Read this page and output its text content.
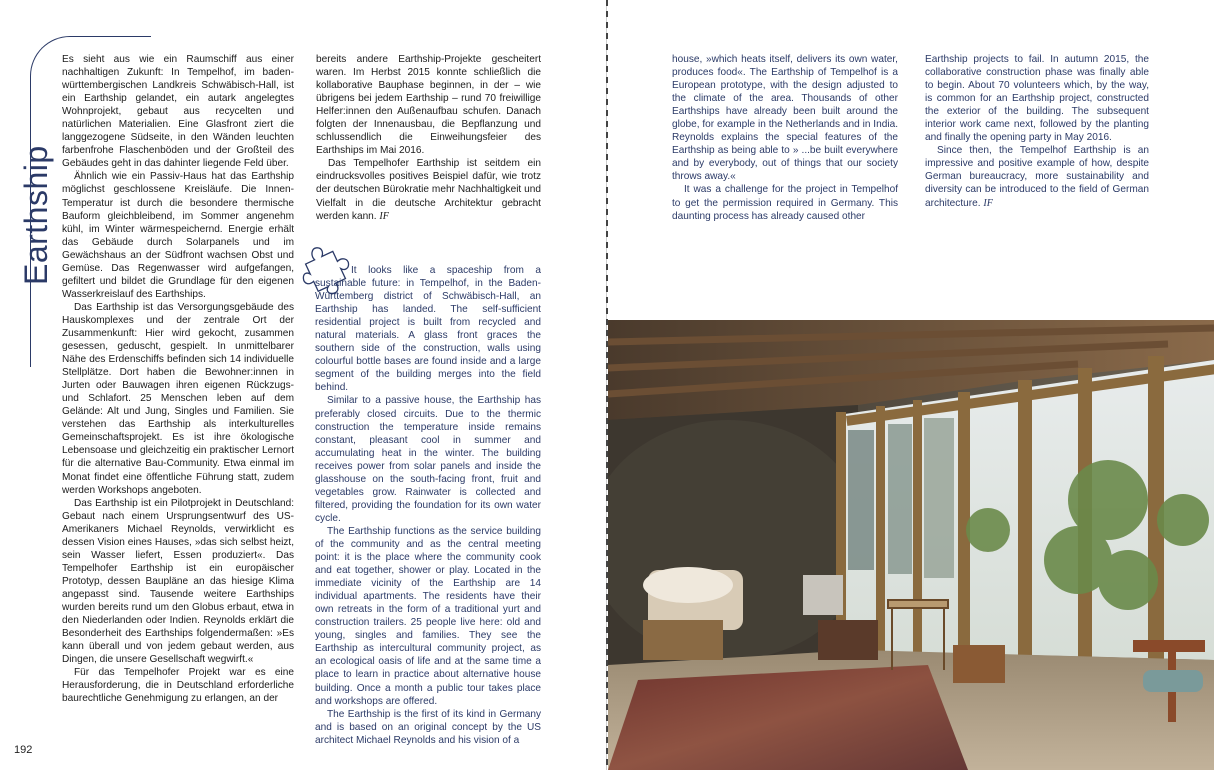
Earthship

Es sieht aus wie ein Raumschiff aus einer nachhaltigen Zukunft: In Tempelhof, im baden-württembergischen Landkreis Schwäbisch-Hall, ist ein Earthship gelandet, ein autark angelegtes Wohnprojekt, gebaut aus recycelten und natürlichen Materialien. Eine Glasfront ziert die langgezogene Südseite, in den Wänden leuchten farbenfrohe Flaschenböden und der Großteil des Gebäudes geht in das dahinter liegende Feld über.

Ähnlich wie ein Passiv-Haus hat das Earthship möglichst geschlossene Kreisläufe. Die Innen-Temperatur ist durch die besondere thermische Bauform gleichbleibend, im Sommer angenehm kühl, im Winter wärmespeichernd. Energie erhält das Gebäude durch Solarpanels und im Gewächshaus an der Südfront wachsen Obst und Gemüse. Das Regenwasser wird aufgefangen, gefiltert und bildet die Grundlage für den eigenen Wasserkreislauf des Earthships.

Das Earthship ist das Versorgungsgebäude des Hauskomplexes und der zentrale Ort der Zusammenkunft: Hier wird gekocht, zusammen gesessen, geduscht, gespielt. In unmittelbarer Nähe des Erdenschiffs befinden sich 14 individuelle Stellplätze. Dort haben die Bewohner:innen in Jurten oder Bauwagen ihren eigenen Rückzugs- und Schlafort. 25 Menschen leben auf dem Gelände: Alt und Jung, Singles und Familien. Sie verstehen das Earthship als interkulturelles Gemeinschaftsprojekt. Es ist ihre ökologische Lebensoase und gleichzeitig ein praktischer Lernort für die alternative Bau-Community. Etwa einmal im Monat findet eine öffentliche Führung statt, zudem werden Workshops angeboten.

Das Earthship ist ein Pilotprojekt in Deutschland: Gebaut nach einem Ursprungsentwurf des US-Amerikaners Michael Reynolds, verwirklicht es dessen Vision eines Hauses, »das sich selbst heizt, sein Wasser liefert, Essen produziert«. Das Tempelhofer Earthship ist ein europäischer Prototyp, dessen Baupläne an das hiesige Klima angepasst sind. Tausende weitere Earthships wurden bereits rund um den Globus erbaut, etwa in den Niederlanden oder Indien. Reynolds erklärt die Besonderheit des Earthships folgendermaßen: »Es kann überall und von jedem gebaut werden, aus Dingen, die unsere Gesellschaft wegwirft.«

Für das Tempelhofer Projekt war es eine Herausforderung, die in Deutschland erforderliche baurechtliche Genehmigung zu erlangen, an der

bereits andere Earthship-Projekte gescheitert waren. Im Herbst 2015 konnte schließlich die kollaborative Bauphase beginnen, in der – wie übrigens bei jedem Earthship – rund 70 freiwillige Helfer:innen den Außenaufbau schufen. Danach folgten der Innenausbau, die Bepflanzung und schlussendlich die Einweihungsfeier des Earthships im Mai 2016.

Das Tempelhofer Earthship ist seitdem ein eindrucksvolles positives Beispiel dafür, wie trotz der deutschen Bürokratie mehr Nachhaltigkeit und Vielfalt in die deutsche Architektur gebracht werden kann. IF

It looks like a spaceship from a sustainable future: in Tempelhof, in the Baden-Württemberg district of Schwäbisch-Hall, an Earthship has landed. The self-sufficient residential project is built from recycled and natural materials. A glass front graces the southern side of the construction, walls using colourful bottle bases are found inside and a large segment of the building merges into the field behind.

Similar to a passive house, the Earthship has preferably closed circuits. Due to the thermic construction the temperature inside remains constant, pleasant cool in summer and accumulating heat in the winter. The building receives power from solar panels and inside the glasshouse on the south-facing front, fruit and vegetables grow. Rainwater is collected and filtered, providing the foundation for its own water cycle.

The Earthship functions as the service building of the community and as the central meeting point: it is the place where the community cook and eat together, shower or play. Located in the immediate vicinity of the Earthship are 14 individual apartments. The residents have their own retreats in the form of a traditional yurt and construction trailers. 25 people live here: old and young, singles and families. They see the Earthship as intercultural community project, as an ecological oasis of life and at the same time a place to learn in practice about alternative house building. Once a month a public tour takes place and workshops are offered.

The Earthship is the first of its kind in Germany and is based on an original concept by the US architect Michael Reynolds and his vision of a

192

house, »which heats itself, delivers its own water, produces food«. The Earthship of Tempelhof is a European prototype, with the design adjusted to the climate of the area. Thousands of other Earthships have already been built around the globe, for example in the Netherlands and in India. Reynolds explains the special features of the Earthship as being able to » ...be built everywhere and by everybody, out of things that our society throws away.«

It was a challenge for the project in Tempelhof to get the permission required in Germany. This daunting process has already caused other

Earthship projects to fail. In autumn 2015, the collaborative construction phase was finally able to begin. About 70 volunteers which, by the way, is common for an Earthship project, constructed the exterior of the building. The subsequent interior work came next, followed by the planting and finally the opening party in May 2016.

Since then, the Tempelhof Earthship is an impressive and positive example of how, despite German bureaucracy, more sustainability and diversity can be introduced to the field of German architecture. IF
